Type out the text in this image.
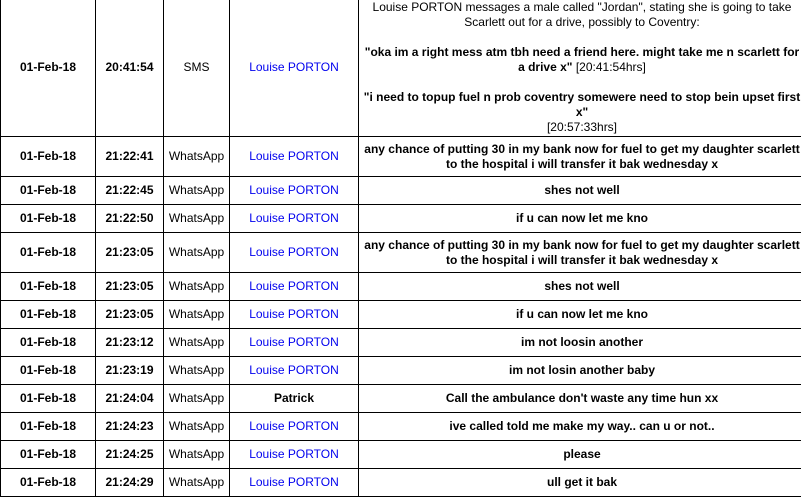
01-Feb-18	20:41:54	SMS	Louise PORTON	Louise PORTON messages a male called "Jordan", stating she is going to take Scarlett out for a drive, possibly to Coventry:

"oka im a right mess atm tbh need a friend here. might take me n scarlett for a drive x" [20:41:54hrs]

"i need to topup fuel n prob coventry somewere need to stop bein upset first x"
[20:57:33hrs]

01-Feb-18	21:22:41	WhatsApp	Louise PORTON	any chance of putting 30 in my bank now for fuel to get my daughter scarlett to the hospital i will transfer it bak wednesday x
01-Feb-18	21:22:45	WhatsApp	Louise PORTON	shes not well
01-Feb-18	21:22:50	WhatsApp	Louise PORTON	if u can now let me kno
01-Feb-18	21:23:05	WhatsApp	Louise PORTON	any chance of putting 30 in my bank now for fuel to get my daughter scarlett to the hospital i will transfer it bak wednesday x
01-Feb-18	21:23:05	WhatsApp	Louise PORTON	shes not well
01-Feb-18	21:23:05	WhatsApp	Louise PORTON	if u can now let me kno
01-Feb-18	21:23:12	WhatsApp	Louise PORTON	im not loosin another
01-Feb-18	21:23:19	WhatsApp	Louise PORTON	im not losin another baby
01-Feb-18	21:24:04	WhatsApp	Patrick	Call the ambulance don't waste any time hun xx
01-Feb-18	21:24:23	WhatsApp	Louise PORTON	ive called told me make my way.. can u or not..
01-Feb-18	21:24:25	WhatsApp	Louise PORTON	please
01-Feb-18	21:24:29	WhatsApp	Louise PORTON	ull get it bak
